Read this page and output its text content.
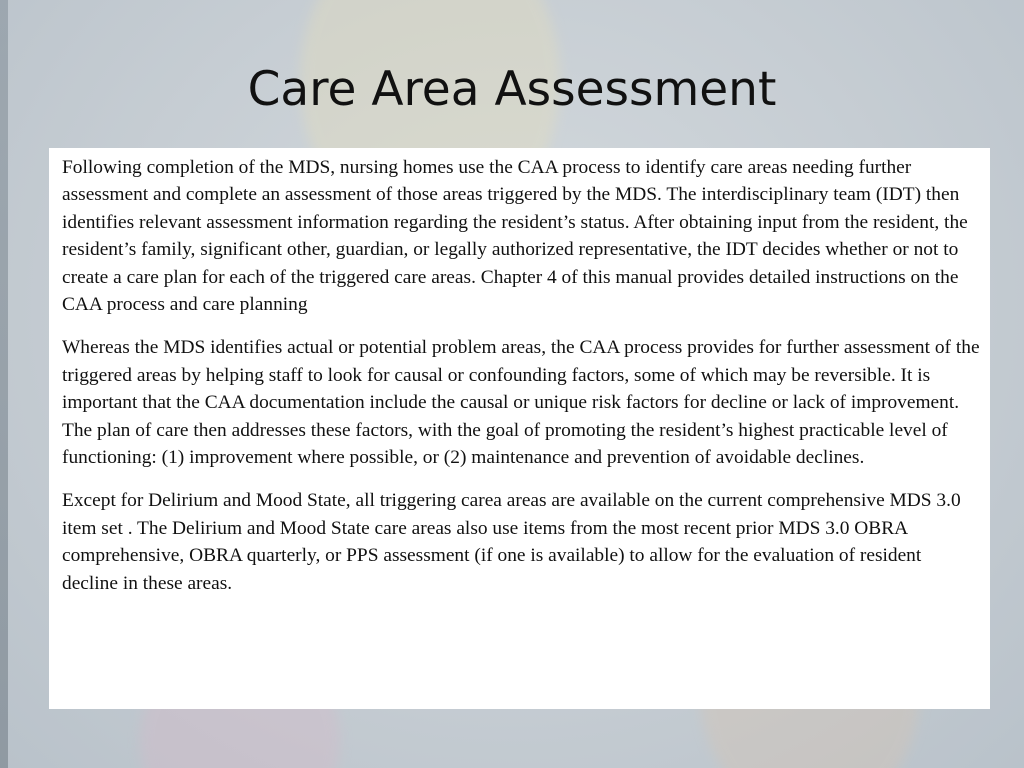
Care Area Assessment

Following completion of the MDS, nursing homes use the CAA process to identify care areas needing further assessment and complete an assessment of those areas triggered by the MDS. The interdisciplinary team (IDT) then identifies relevant assessment information regarding the resident’s status. After obtaining input from the resident, the resident’s family, significant other, guardian, or legally authorized representative, the IDT decides whether or not to create a care plan for each of the triggered care areas. Chapter 4 of this manual provides detailed instructions on the CAA process and care planning

Whereas the MDS identifies actual or potential problem areas, the CAA process provides for further assessment of the triggered areas by helping staff to look for causal or confounding factors, some of which may be reversible. It is important that the CAA documentation include the causal or unique risk factors for decline or lack of improvement. The plan of care then addresses these factors, with the goal of promoting the resident’s highest practicable level of functioning: (1) improvement where possible, or (2) maintenance and prevention of avoidable declines.

Except for Delirium and Mood State, all triggering carea areas are available on the current comprehensive MDS 3.0 item set . The Delirium and Mood State care areas also use items from the most recent prior MDS 3.0 OBRA comprehensive, OBRA quarterly, or PPS assessment (if one is available) to allow for the evaluation of resident decline in these areas.
